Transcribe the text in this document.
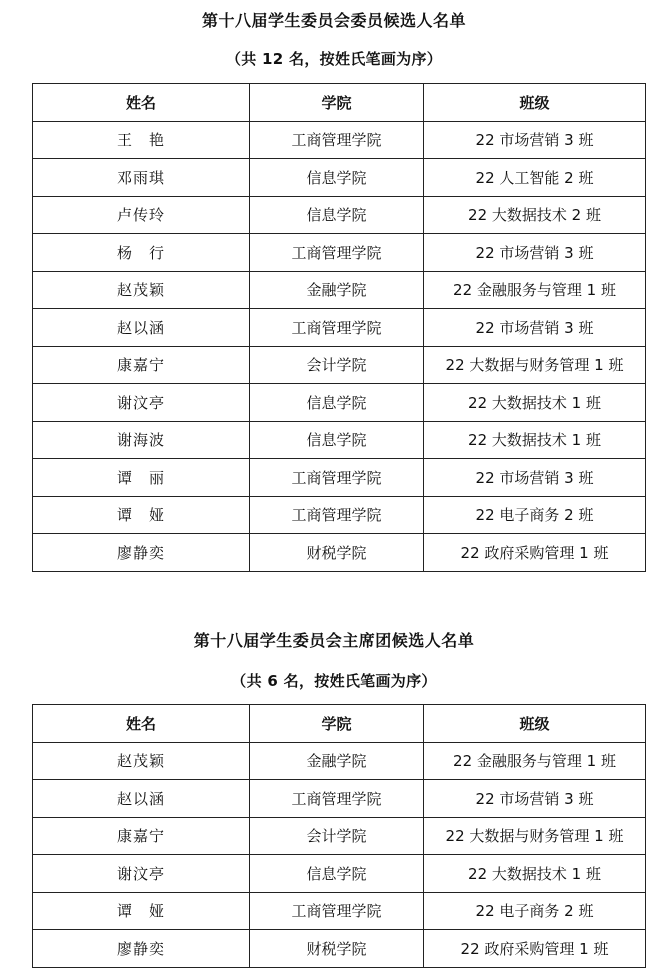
第十八届学生委员会委员候选人名单
（共 12 名，按姓氏笔画为序）
姓名	学院	班级
王　艳	工商管理学院	22 市场营销 3 班
邓雨琪	信息学院	22 人工智能 2 班
卢传玲	信息学院	22 大数据技术 2 班
杨　行	工商管理学院	22 市场营销 3 班
赵茂颖	金融学院	22 金融服务与管理 1 班
赵以涵	工商管理学院	22 市场营销 3 班
康嘉宁	会计学院	22 大数据与财务管理 1 班
谢汶亭	信息学院	22 大数据技术 1 班
谢海波	信息学院	22 大数据技术 1 班
谭　丽	工商管理学院	22 市场营销 3 班
谭　娅	工商管理学院	22 电子商务 2 班
廖静奕	财税学院	22 政府采购管理 1 班
第十八届学生委员会主席团候选人名单
（共 6 名，按姓氏笔画为序）
姓名	学院	班级
赵茂颖	金融学院	22 金融服务与管理 1 班
赵以涵	工商管理学院	22 市场营销 3 班
康嘉宁	会计学院	22 大数据与财务管理 1 班
谢汶亭	信息学院	22 大数据技术 1 班
谭　娅	工商管理学院	22 电子商务 2 班
廖静奕	财税学院	22 政府采购管理 1 班
